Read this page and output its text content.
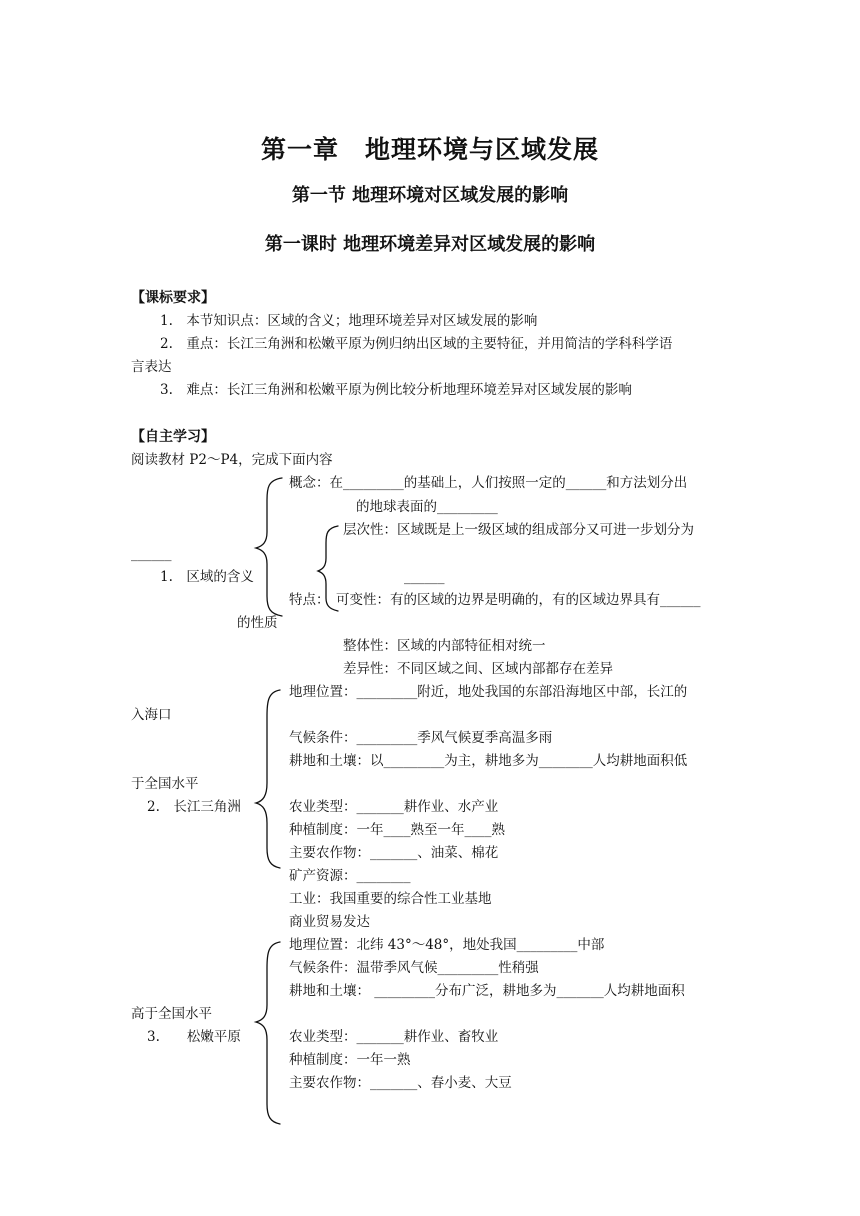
第一章　地理环境与区域发展
第一节 地理环境对区域发展的影响
第一课时 地理环境差异对区域发展的影响
【课标要求】
1.　本节知识点：区域的含义；地理环境差异对区域发展的影响
2.　重点：长江三角洲和松嫩平原为例归纳出区域的主要特征，并用简洁的学科科学语
言表达
3.　难点：长江三角洲和松嫩平原为例比较分析地理环境差异对区域发展的影响
【自主学习】
阅读教材 P2～P4，完成下面内容
概念：在_________的基础上，人们按照一定的______和方法划分出
的地球表面的_________
层次性：区域既是上一级区域的组成部分又可进一步划分为
______
1.　区域的含义	______
特点： 可变性：有的区域的边界是明确的，有的区域边界具有______
的性质
整体性：区域的内部特征相对统一
差异性：不同区域之间、区域内部都存在差异
地理位置：_________附近，地处我国的东部沿海地区中部，长江的
入海口
气候条件：_________季风气候夏季高温多雨
耕地和土壤：以_________为主，耕地多为________人均耕地面积低
于全国水平
2.　长江三角洲	农业类型：_______耕作业、水产业
种植制度：一年____熟至一年____熟
主要农作物：_______、油菜、棉花
矿产资源：________
工业：我国重要的综合性工业基地
商业贸易发达
地理位置：北纬 43°～48°，地处我国_________中部
气候条件：温带季风气候_________性稍强
耕地和土壤： _________分布广泛，耕地多为_______人均耕地面积
高于全国水平
3.　　松嫩平原	农业类型：_______耕作业、畜牧业
种植制度：一年一熟
主要农作物：_______、春小麦、大豆
